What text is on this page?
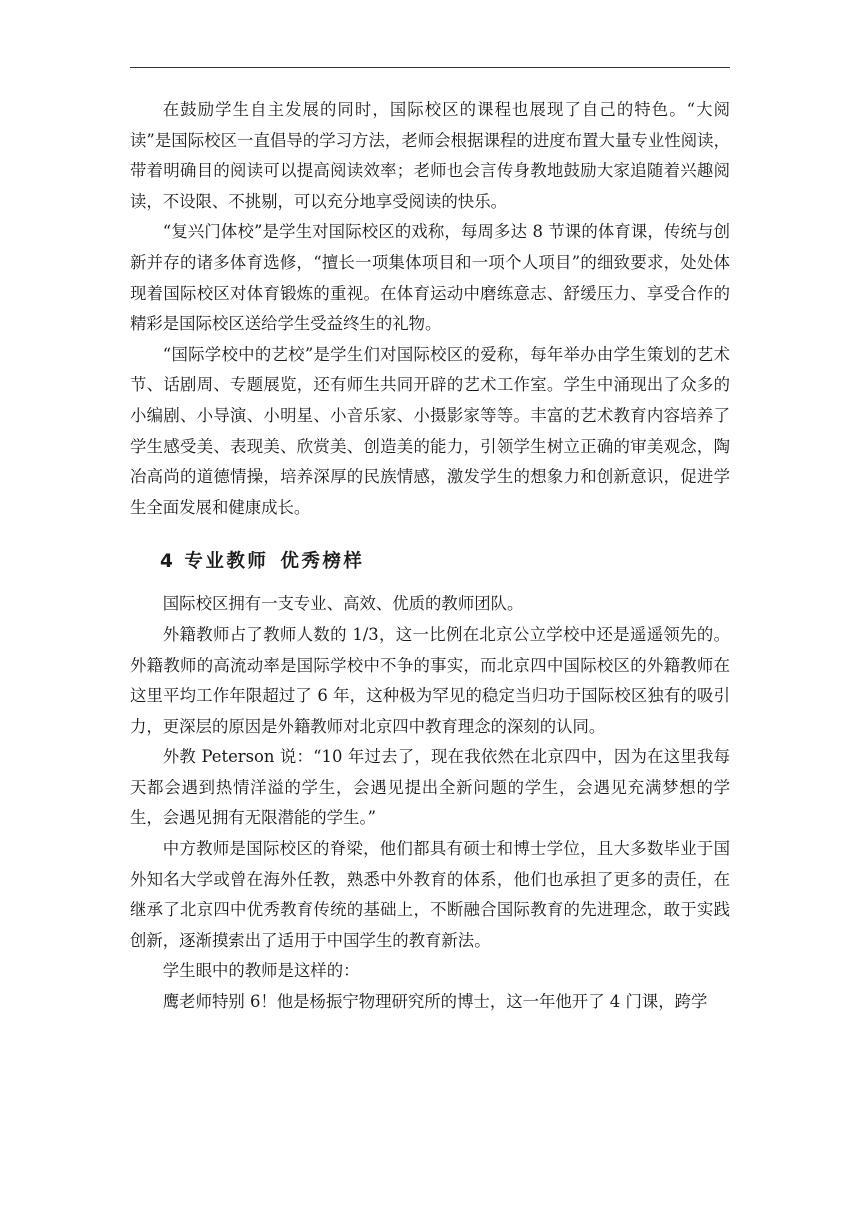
在鼓励学生自主发展的同时，国际校区的课程也展现了自己的特色。“大阅读”是国际校区一直倡导的学习方法，老师会根据课程的进度布置大量专业性阅读，带着明确目的阅读可以提高阅读效率；老师也会言传身教地鼓励大家追随着兴趣阅读，不设限、不挑剔，可以充分地享受阅读的快乐。

“复兴门体校”是学生对国际校区的戏称，每周多达 8 节课的体育课，传统与创新并存的诸多体育选修，“擅长一项集体项目和一项个人项目”的细致要求，处处体现着国际校区对体育锻炼的重视。在体育运动中磨练意志、舒缓压力、享受合作的精彩是国际校区送给学生受益终生的礼物。

“国际学校中的艺校”是学生们对国际校区的爱称，每年举办由学生策划的艺术节、话剧周、专题展览，还有师生共同开辟的艺术工作室。学生中涌现出了众多的小编剧、小导演、小明星、小音乐家、小摄影家等等。丰富的艺术教育内容培养了学生感受美、表现美、欣赏美、创造美的能力，引领学生树立正确的审美观念，陶冶高尚的道德情操，培养深厚的民族情感，激发学生的想象力和创新意识，促进学生全面发展和健康成长。

4 专业教师 优秀榜样

国际校区拥有一支专业、高效、优质的教师团队。

外籍教师占了教师人数的 1/3，这一比例在北京公立学校中还是遥遥领先的。外籍教师的高流动率是国际学校中不争的事实，而北京四中国际校区的外籍教师在这里平均工作年限超过了 6 年，这种极为罕见的稳定当归功于国际校区独有的吸引力，更深层的原因是外籍教师对北京四中教育理念的深刻的认同。

外教 Peterson 说：“10 年过去了，现在我依然在北京四中，因为在这里我每天都会遇到热情洋溢的学生，会遇见提出全新问题的学生，会遇见充满梦想的学生，会遇见拥有无限潜能的学生。”

中方教师是国际校区的脊梁，他们都具有硕士和博士学位，且大多数毕业于国外知名大学或曾在海外任教，熟悉中外教育的体系，他们也承担了更多的责任，在继承了北京四中优秀教育传统的基础上，不断融合国际教育的先进理念，敢于实践创新，逐渐摸索出了适用于中国学生的教育新法。

学生眼中的教师是这样的：

鹰老师特别 6！他是杨振宁物理研究所的博士，这一年他开了 4 门课，跨学
